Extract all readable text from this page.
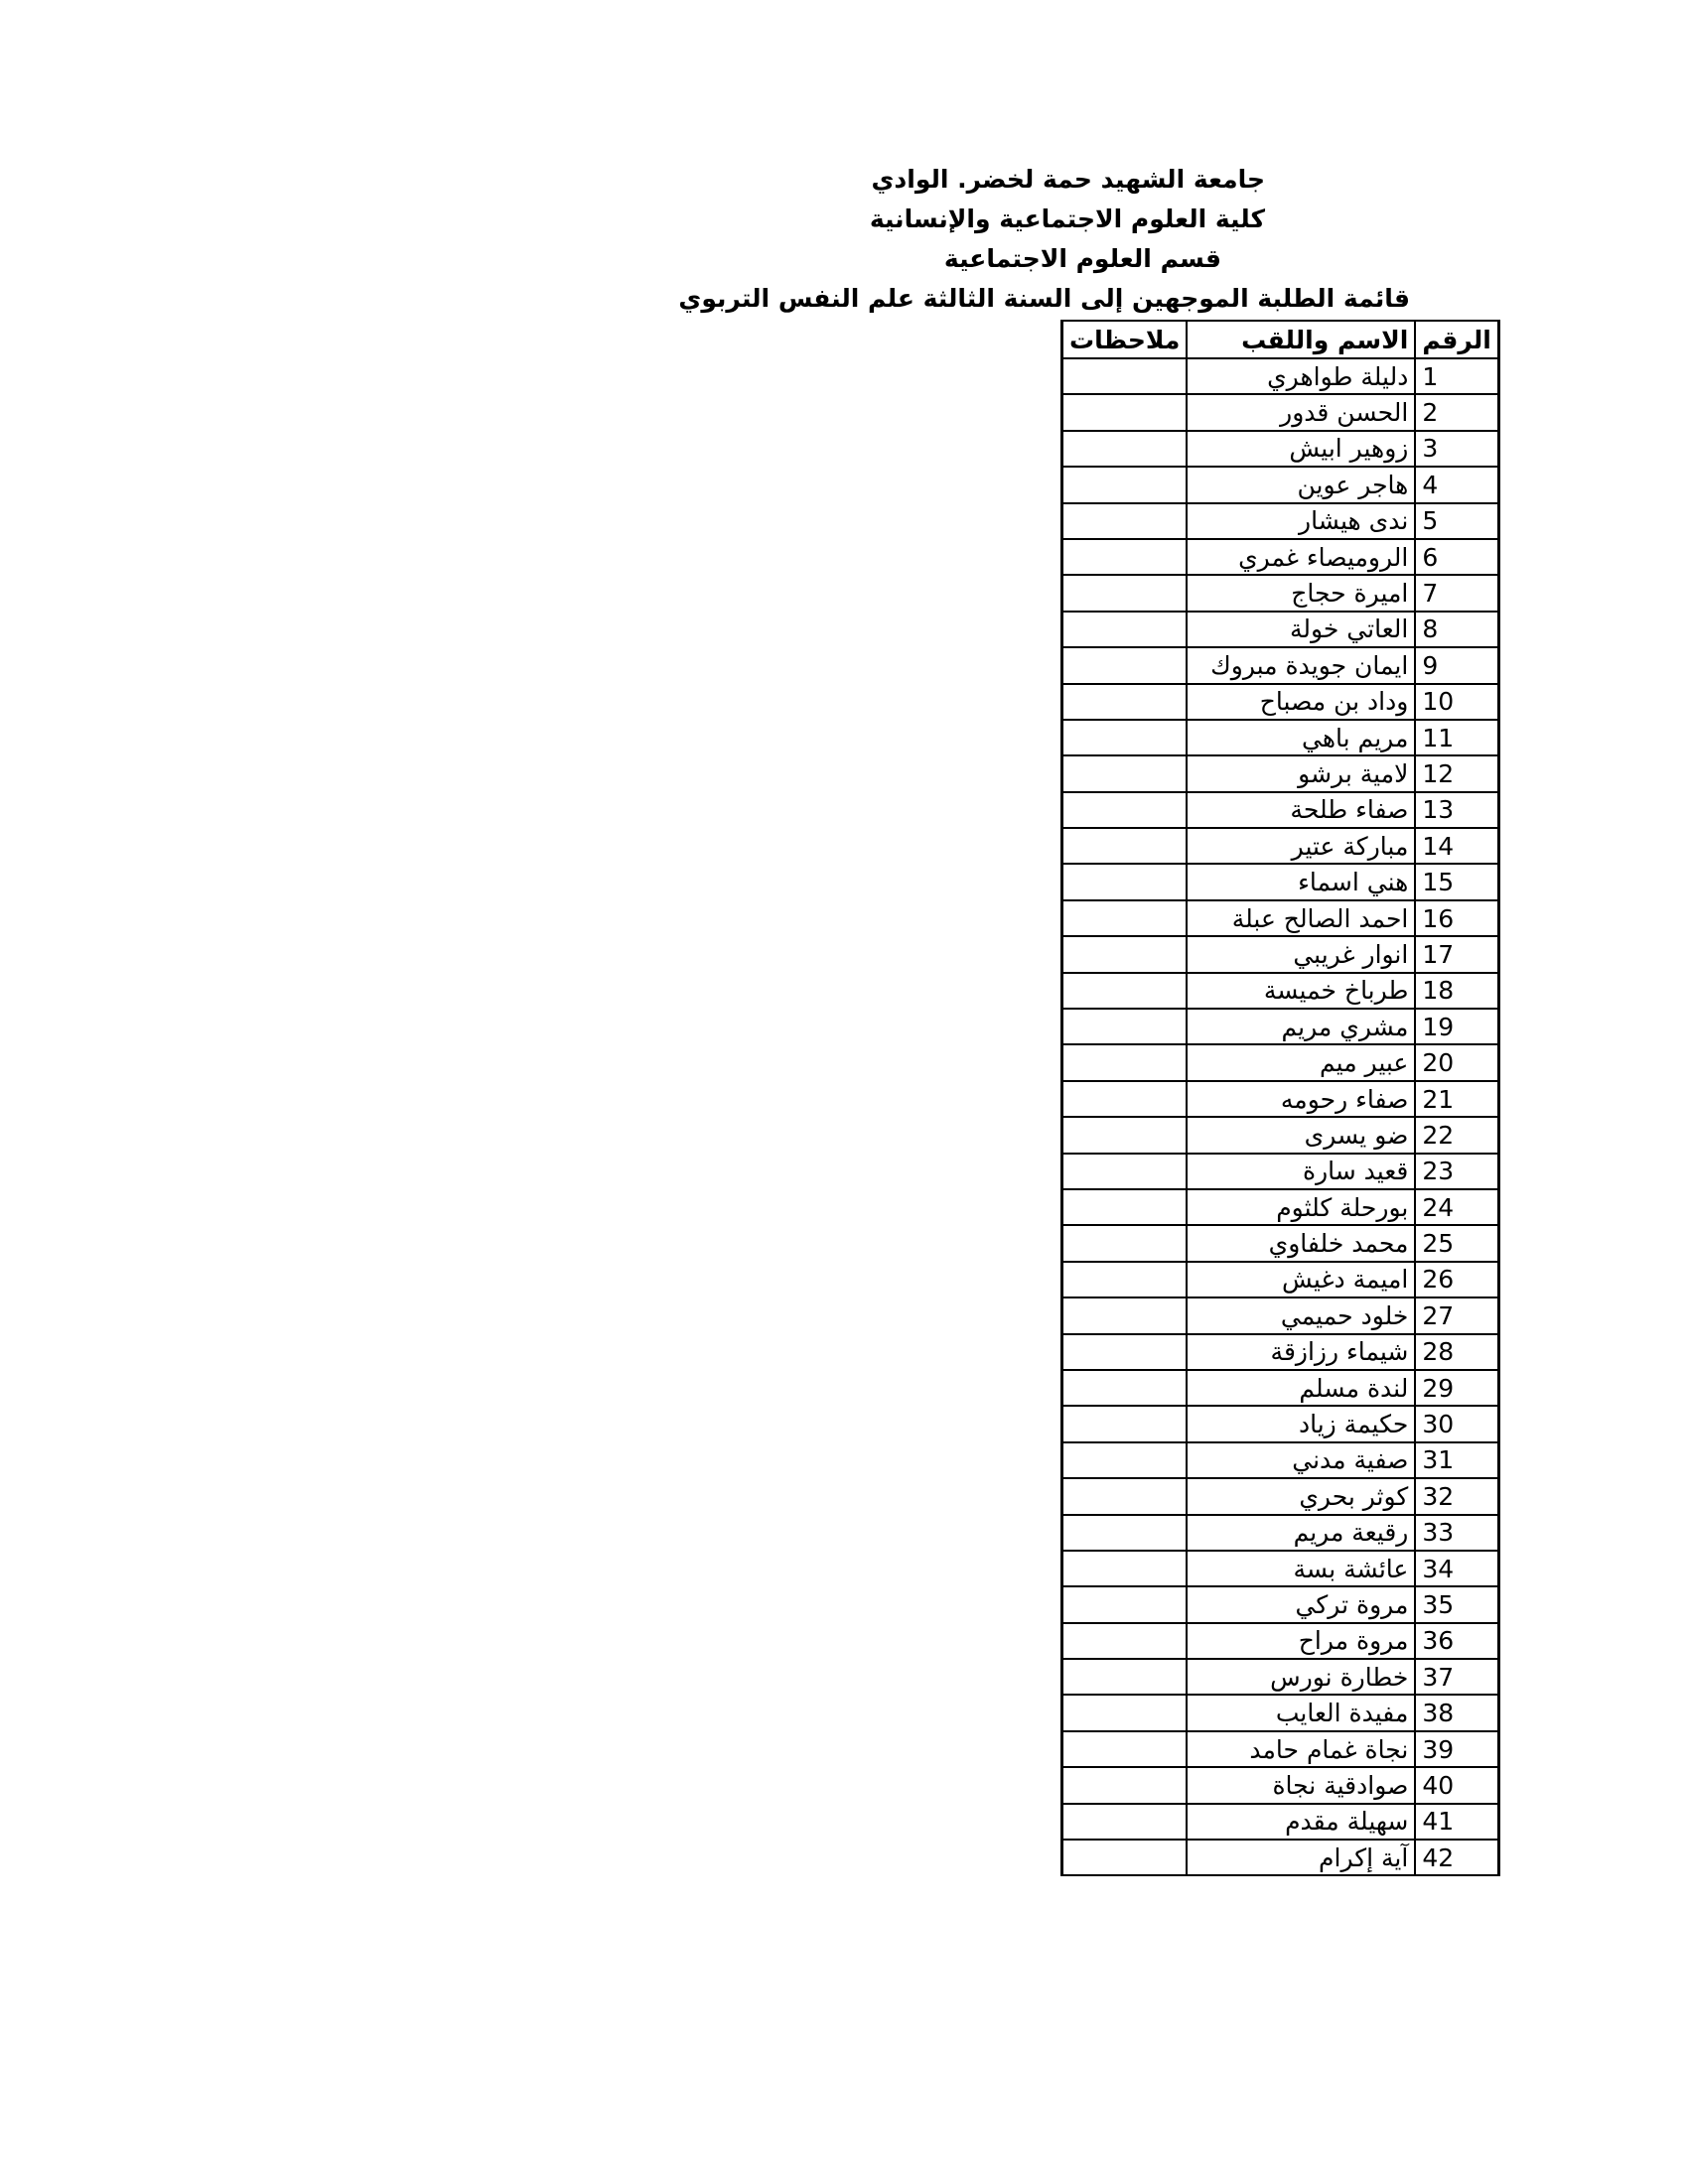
جامعة الشهيد حمة لخضر. الوادي
كلية العلوم الاجتماعية والإنسانية
قسم العلوم الاجتماعية
قائمة الطلبة الموجهين إلى السنة الثالثة علم النفس التربوي
الرقم	الاسم واللقب	ملاحظات
1	دليلة طواهري	
2	الحسن قدور	
3	زوهير ابيش	
4	هاجر عوين	
5	ندى هيشار	
6	الروميصاء غمري	
7	اميرة حجاج	
8	العاتي خولة	
9	ايمان جويدة مبروك	
10	وداد بن مصباح	
11	مريم باهي	
12	لامية برشو	
13	صفاء طلحة	
14	مباركة عتير	
15	هني اسماء	
16	احمد الصالح عبلة	
17	انوار غريبي	
18	طرباخ خميسة	
19	مشري مريم	
20	عبير ميم	
21	صفاء رحومه	
22	ضو يسرى	
23	قعيد سارة	
24	بورحلة كلثوم	
25	محمد خلفاوي	
26	اميمة دغيش	
27	خلود حميمي	
28	شيماء رزازقة	
29	لندة مسلم	
30	حكيمة زياد	
31	صفية مدني	
32	كوثر بحري	
33	رقيعة مريم	
34	عائشة بسة	
35	مروة تركي	
36	مروة مراح	
37	خطارة نورس	
38	مفيدة العايب	
39	نجاة غمام حامد	
40	صوادقية نجاة	
41	سهيلة مقدم	
42	آية إكرام	
